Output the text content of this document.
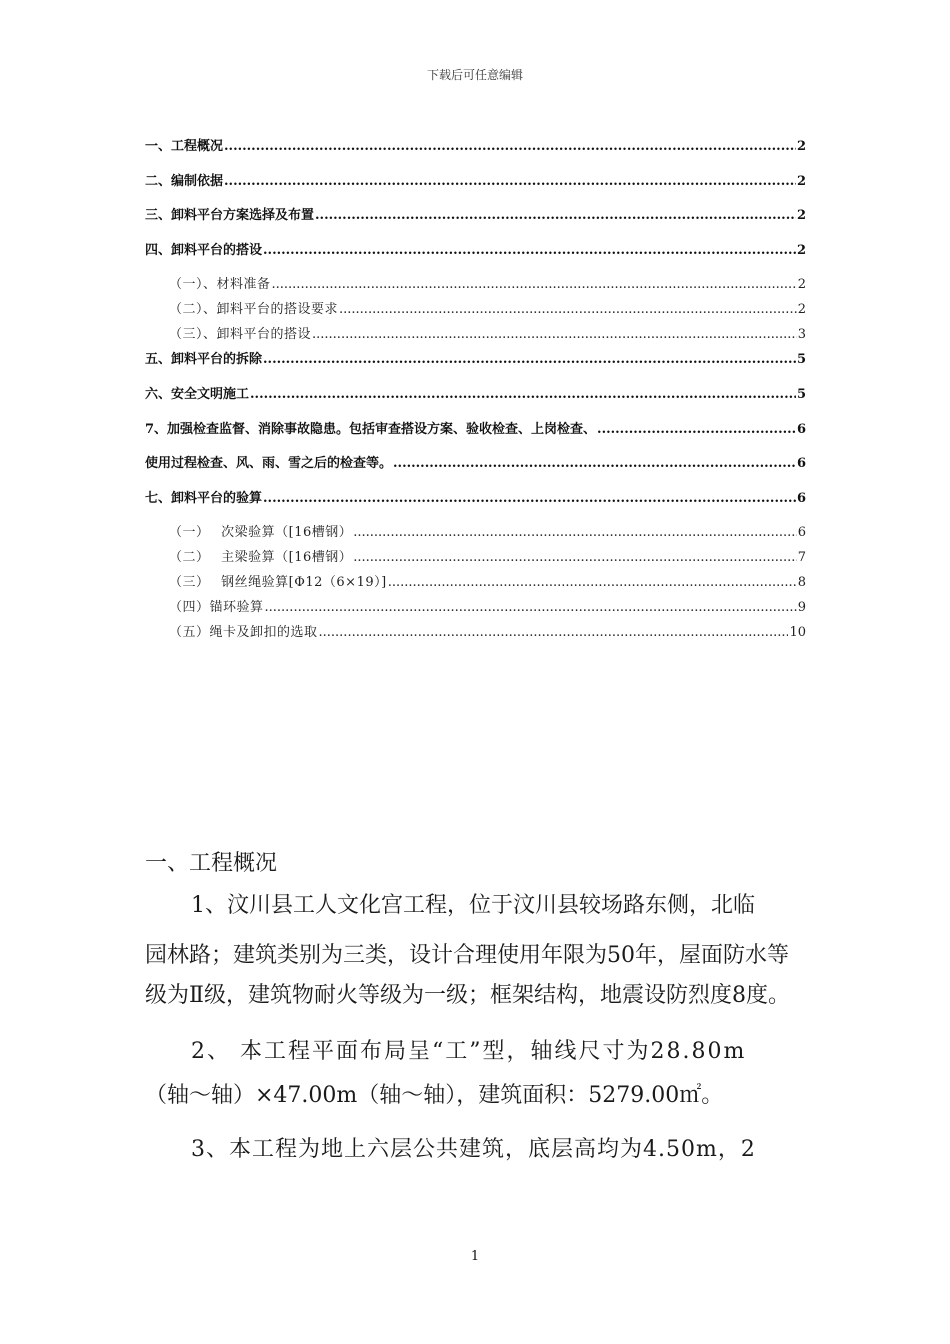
下载后可任意编辑
一、工程概况 .....	2
二、编制依据 .....	2
三、卸料平台方案选择及布置 .....	2
四、卸料平台的搭设 .....	2
（一）、材料准备 .....	2
（二）、卸料平台的搭设要求 .....	2
（三）、卸料平台的搭设 .....	3
五、卸料平台的拆除 .....	5
六、安全文明施工 .....	5
7、加强检查监督、消除事故隐患。包括审查搭设方案、验收检查、上岗检查、 .....	6
使用过程检查、风、雨、雪之后的检查等。 .....	6
七、卸料平台的验算 .....	6
（一）　 次梁验算（[16槽钢） .....	6
（二）　 主梁验算（[16槽钢） .....	7
（三）　 钢丝绳验算[Φ12（6×19）] .....	8
（四）锚环验算 .....	9
（五）绳卡及卸扣的选取 .....	10
一、工程概况

1、汶川县工人文化宫工程，位于汶川县较场路东侧，北临

园林路；建筑类别为三类，设计合理使用年限为50年，屋面防水等级为Ⅱ级，建筑物耐火等级为一级；框架结构，地震设防烈度8度。

2、 本工程平面布局呈“工”型，轴线尺寸为28.80m

（轴～轴）×47.00m（轴～轴），建筑面积：5279.00㎡。

3、本工程为地上六层公共建筑，底层高均为4.50m，2

1
